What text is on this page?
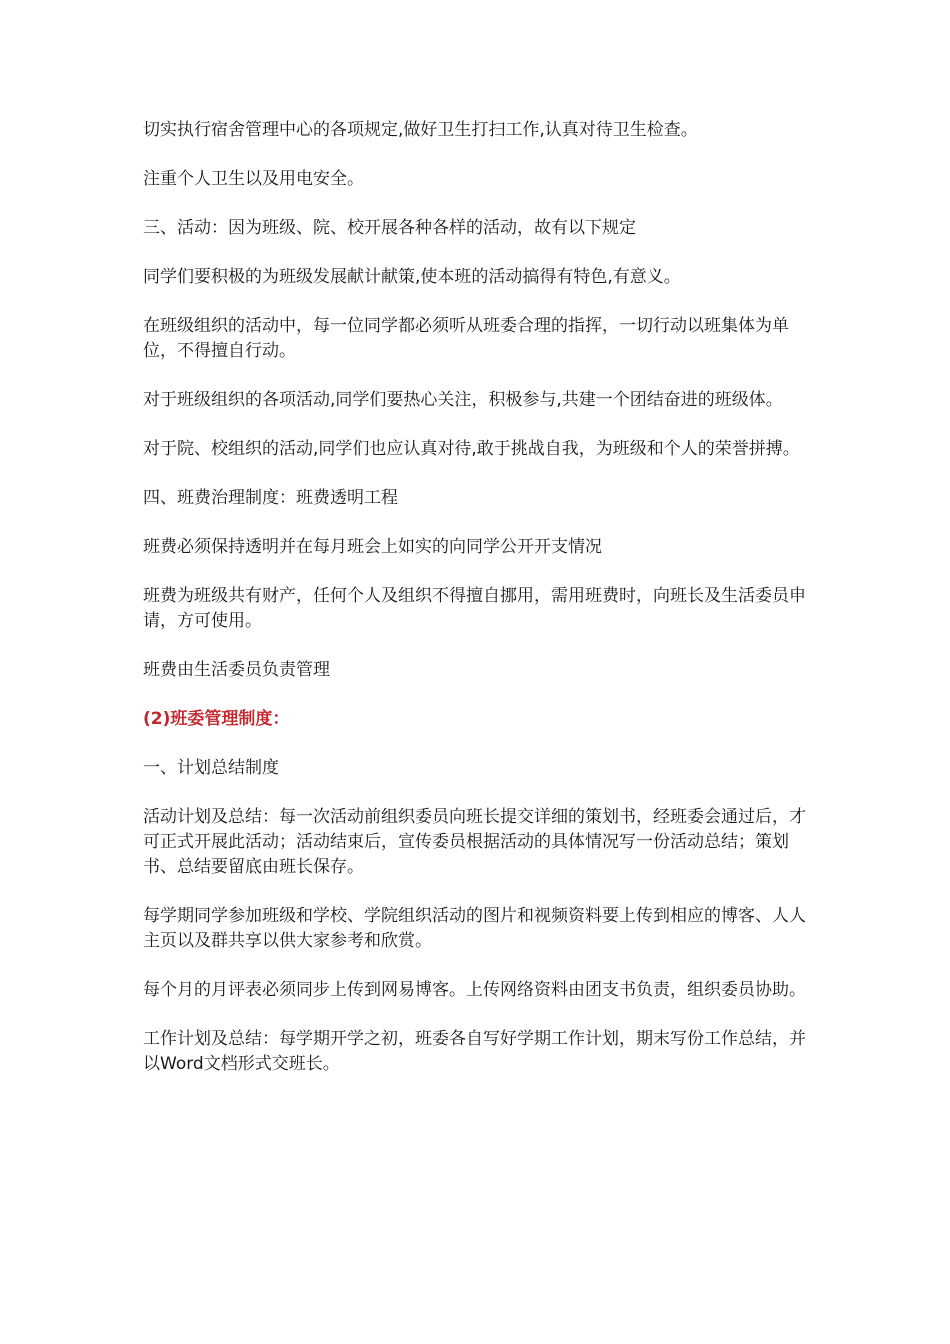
切实执行宿舍管理中心的各项规定,做好卫生打扫工作,认真对待卫生检查。

注重个人卫生以及用电安全。

三、活动：因为班级、院、校开展各种各样的活动，故有以下规定

同学们要积极的为班级发展献计献策,使本班的活动搞得有特色,有意义。

在班级组织的活动中，每一位同学都必须听从班委合理的指挥，一切行动以班集体为单位，不得擅自行动。

对于班级组织的各项活动,同学们要热心关注，积极参与,共建一个团结奋进的班级体。

对于院、校组织的活动,同学们也应认真对待,敢于挑战自我，为班级和个人的荣誉拼搏。

四、班费治理制度：班费透明工程

班费必须保持透明并在每月班会上如实的向同学公开开支情况

班费为班级共有财产，任何个人及组织不得擅自挪用，需用班费时，向班长及生活委员申请，方可使用。

班费由生活委员负责管理

(2)班委管理制度：

一、计划总结制度

活动计划及总结：每一次活动前组织委员向班长提交详细的策划书，经班委会通过后，才可正式开展此活动；活动结束后，宣传委员根据活动的具体情况写一份活动总结；策划书、总结要留底由班长保存。

每学期同学参加班级和学校、学院组织活动的图片和视频资料要上传到相应的博客、人人主页以及群共享以供大家参考和欣赏。

每个月的月评表必须同步上传到网易博客。上传网络资料由团支书负责，组织委员协助。

工作计划及总结：每学期开学之初，班委各自写好学期工作计划，期末写份工作总结，并以Word文档形式交班长。
